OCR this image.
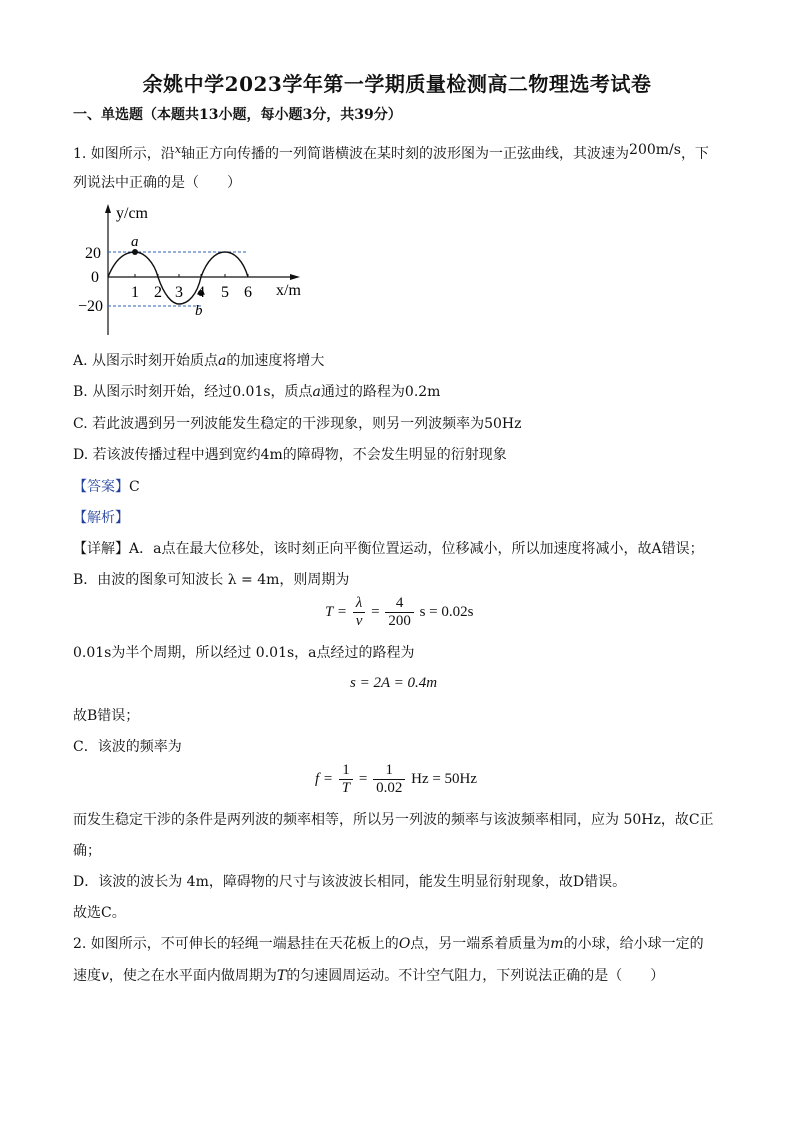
余姚中学2023学年第一学期质量检测高二物理选考试卷
一、单选题（本题共13小题，每小题3分，共39分）
1. 如图所示，沿$^x$轴正方向传播的一列简谐横波在某时刻的波形图为一正弦曲线，其波速为200m/s，下
列说法中正确的是（　　）
a
b
y/cm
x/m
20
0
−20
1 2 3 4 5 6
A. 从图示时刻开始质点a的加速度将增大
B. 从图示时刻开始，经过0.01s，质点a通过的路程为0.2m
C. 若此波遇到另一列波能发生稳定的干涉现象，则另一列波频率为50Hz
D. 若该波传播过程中遇到宽约4m的障碍物，不会发生明显的衍射现象
【答案】C
【解析】
【详解】A．a点在最大位移处，该时刻正向平衡位置运动，位移减小，所以加速度将减小，故A错误；
B．由波的图象可知波长 λ = 4m，则周期为
$T = \frac{\lambda}{v} = \frac{4}{200}$ s = 0.02s
0.01s为半个周期，所以经过 0.01s，a点经过的路程为
s = 2A = 0.4m
故B错误；
C．该波的频率为
$f = \frac{1}{T} = \frac{1}{0.02}$ Hz = 50Hz
而发生稳定干涉的条件是两列波的频率相等，所以另一列波的频率与该波频率相同，应为 50Hz，故C正
确；
D．该波的波长为 4m，障碍物的尺寸与该波波长相同，能发生明显衍射现象，故D错误。
故选C。
2. 如图所示，不可伸长的轻绳一端悬挂在天花板上的O点，另一端系着质量为m的小球，给小球一定的
速度v，使之在水平面内做周期为T的匀速圆周运动。不计空气阻力，下列说法正确的是（　　）
